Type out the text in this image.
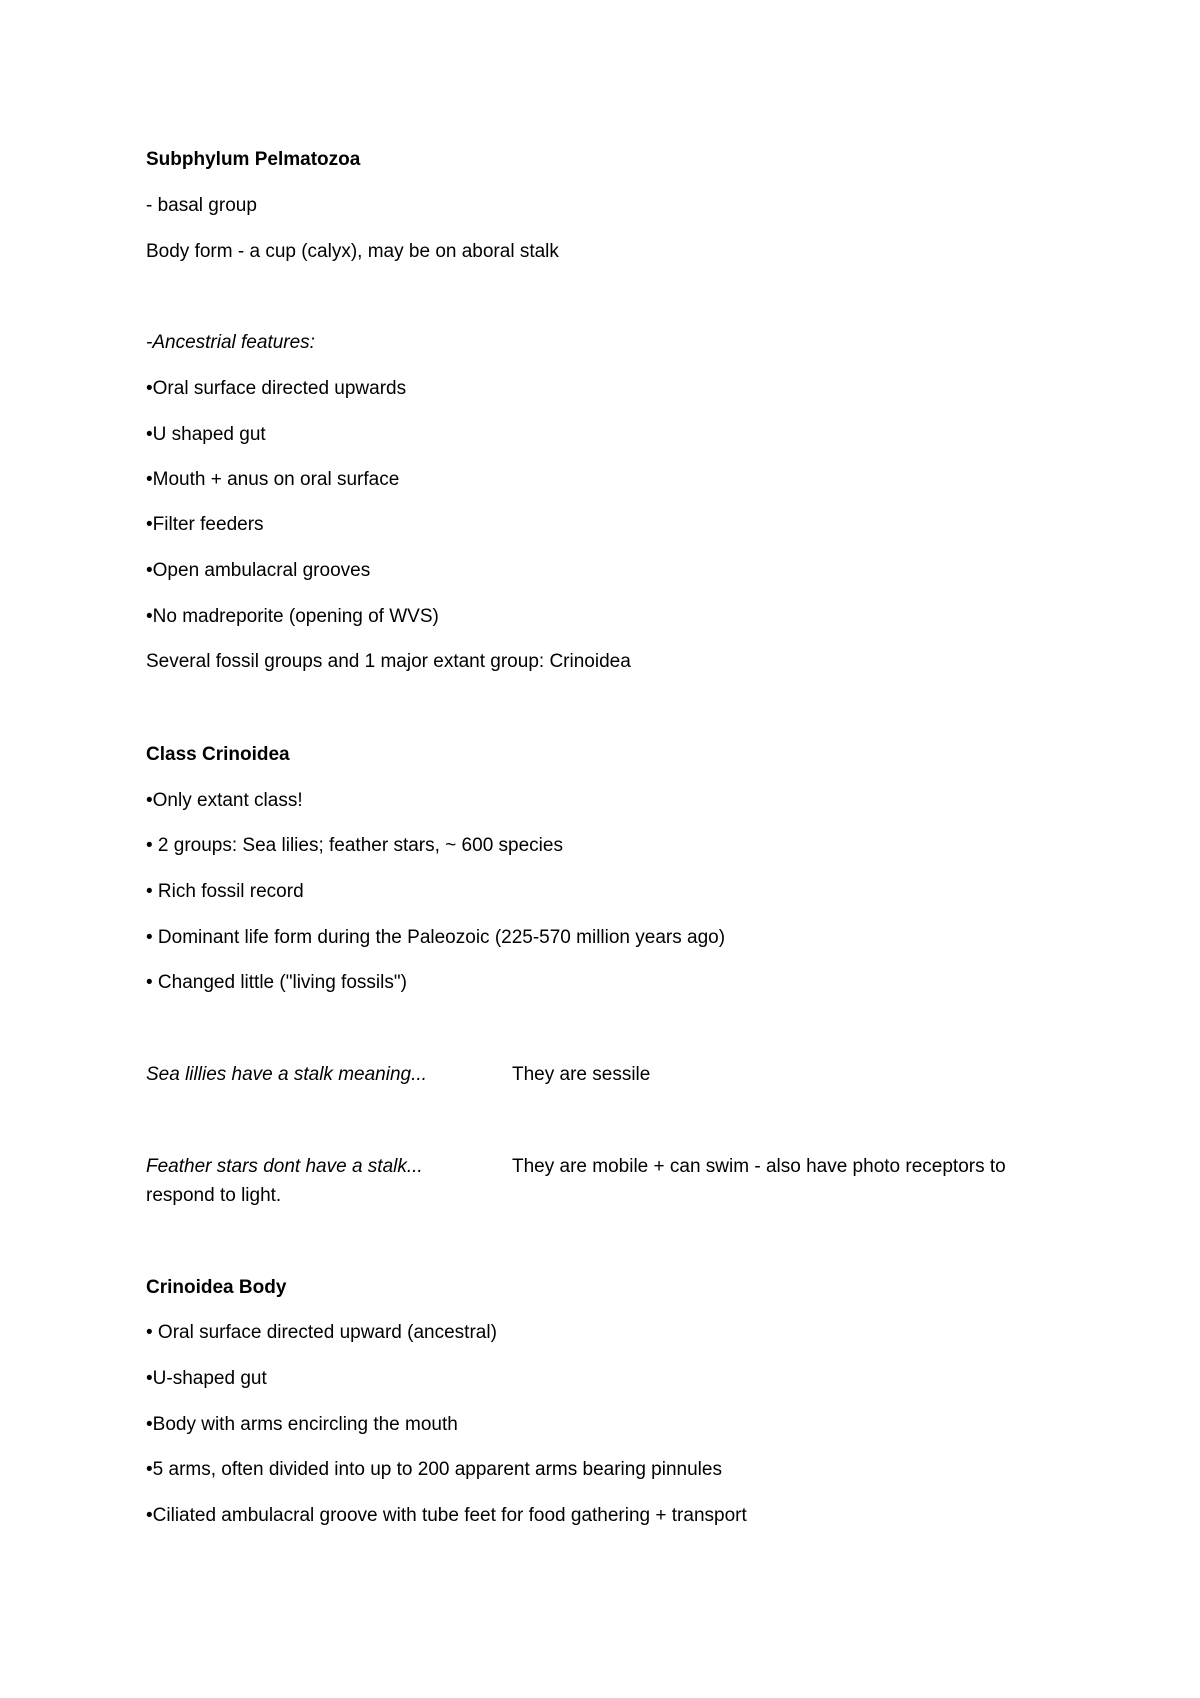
Subphylum Pelmatozoa
- basal group
Body form - a cup (calyx), may be on aboral stalk
-Ancestrial features:
•Oral surface directed upwards
•U shaped gut
•Mouth + anus on oral surface
•Filter feeders
•Open ambulacral grooves
•No madreporite (opening of WVS)
Several fossil groups and 1 major extant group: Crinoidea
Class Crinoidea
•Only extant class!
• 2 groups: Sea lilies; feather stars, ~ 600 species
• Rich fossil record
• Dominant life form during the Paleozoic (225-570 million years ago)
• Changed little ("living fossils")
Sea lillies have a stalk meaning...	They are sessile
Feather stars dont have a stalk...	They are mobile + can swim - also have photo receptors to
respond to light.
Crinoidea Body
• Oral surface directed upward (ancestral)
•U-shaped gut
•Body with arms encircling the mouth
•5 arms, often divided into up to 200 apparent arms bearing pinnules
•Ciliated ambulacral groove with tube feet for food gathering + transport
